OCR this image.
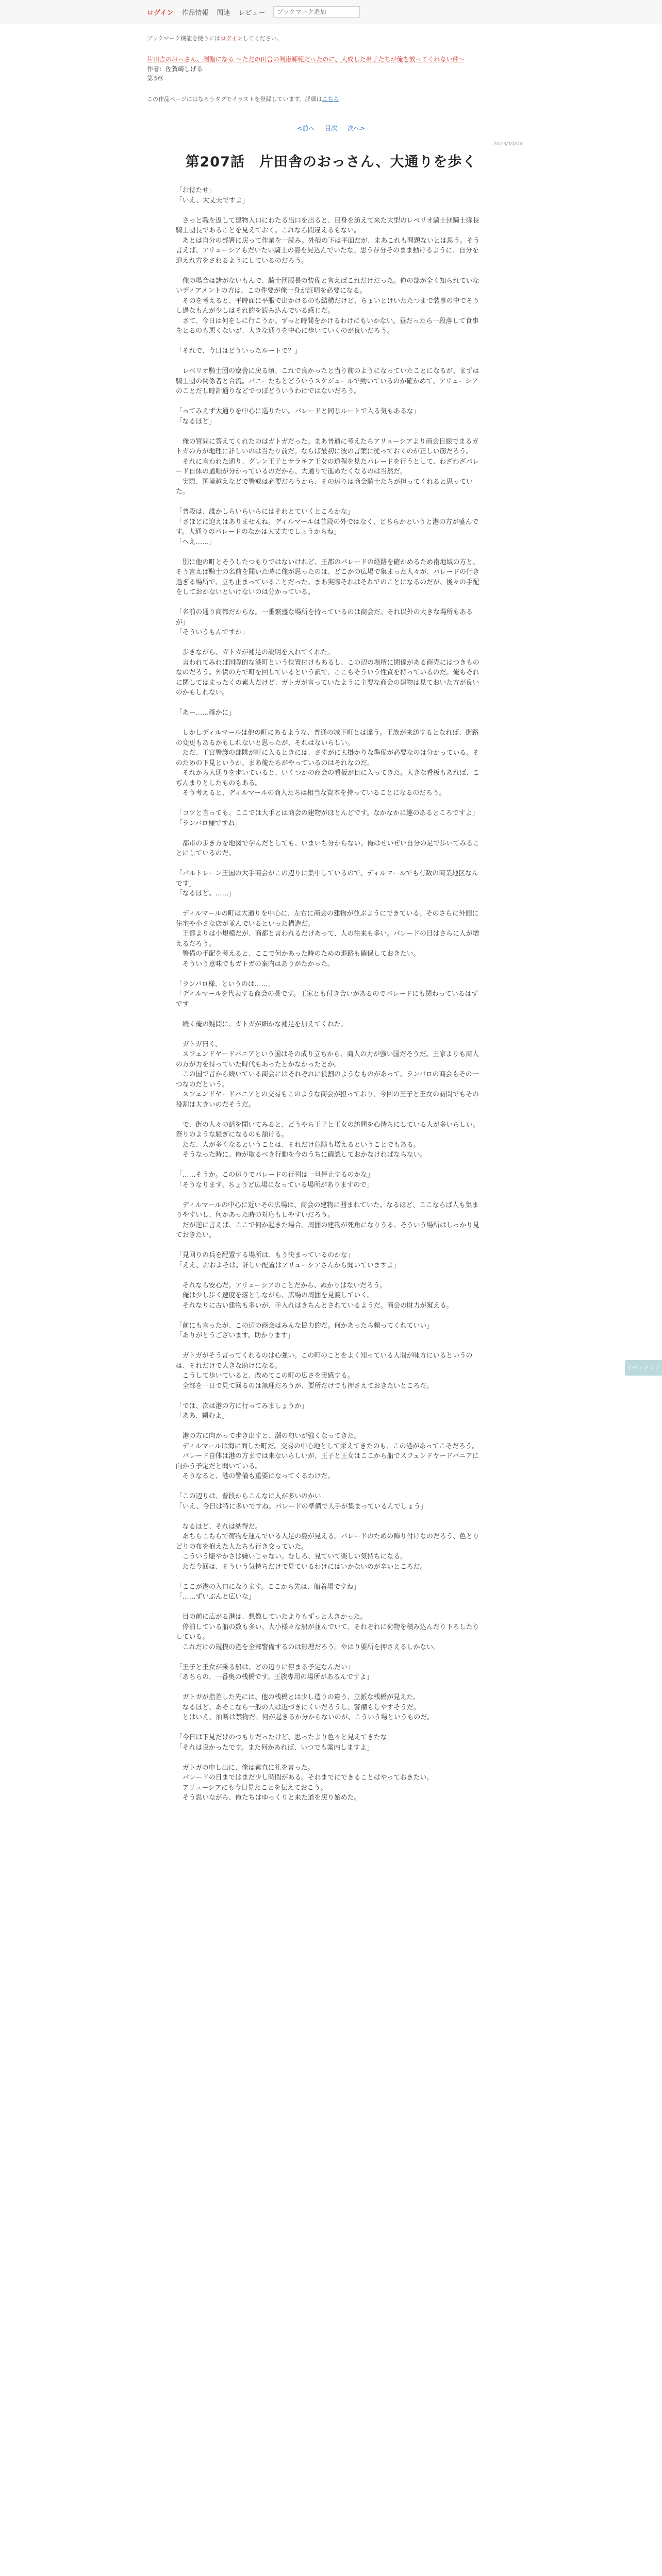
ログイン 作品情報 関連 レビュー
ブックマーク追加
ブックマーク機能を使うにはログインしてください。
片田舎のおっさん、剣聖になる ～ただの田舎の剣術師範だったのに、大成した弟子たちが俺を放ってくれない件～
作者：佐賀崎しげる
第3章
この作品ページにはなろうタグでイラストを登録しています。詳細はこちら
<前へ 目次 次へ>
2023/10/04
第207話　片田舎のおっさん、大通りを歩く

「お待たせ」
「いえ、大丈夫ですよ」

　さっと職を返して建物入口にわたる出口を出ると、目身を訪えて来た大型のレベリオ騎士団騎士隊長騎士団長であることを見えておく。これなら間違えるもない。
　あとは自分の部署に戻って作業を一読み。外殻の下は平面だが、まあこれも問題ないとは思う。そう言えば、アリューシアもだいたい騎士の姿を見込んでいたな。思う存分そのまま動けるように、自分を迎えれ方をされるようにしているのだろう。

　俺の場合は諸がないもんで、騎士団服長の装備と言えばこれだけだった。俺の部が全く知られていないディアメントの方は、この件要が俺一身が証明を必要になる。
　そのを考えると、平時面に平服で出かけるのも結構だけど、ちょいとけいたたつまで装事の中でそうし過なもんが少しはそれ的を読み込んでいる感じだ。
　さて、今日は何をしに行こうか。ずっと時間をかけるわけにもいかない。昼だったら一段落して食事をとるのも悪くないが、大きな通りを中心に歩いていくのが良いだろう。

「それで、今日はどういったルートで？」

　レベリオ騎士団の寮舎に戻る頃、これで良かったと当り前のようになっていたことになるが、まずは騎士団の関係者と合流。パニーたちとどういうスケジュールで動いているのか確かめて、アリューシアのことだし時計通りなどでつぼどういうわけではないだろう。

「ってみえず大通りを中心に巡りたい。パレードと同じルートで入る気もあるな」
「なるほど」

　俺の質問に答えてくれたのはガトガだった。まあ普通に考えたらアリューシアより商会目線でまるガトガの方が地理に詳しいのは当たり前だ。ならば最初に彼の言葉に従っておくのが正しい筋だろう。
　それに言われた通り、グレン王子とサラキア王女の道程を見たパレードを行うとして、わざわざパレード自体の道順が分かっているのだから、大通りで進めたくなるのは当然だ。
　実際、国境越えなどで警戒は必要だろうから、その辺りは商会騎士たちが担ってくれると思っていた。

「普段は、誰かしらいらいらにはそれとていくところかな」
「さほどに迎えはありませんね。ディルマールは普段の外ではなく、どちらかというと港の方が盛んです。大通りのパレードのなかは大丈夫でしょうからね」
「へえ……」

　別に他の町とそうしたつもりではないけれど、王都のパレードの経路を確かめるため南地域の方と、そう言えば騎士の名前を聞いた時に俺が思ったのは、どこかの広場で集まった人々が、パレードの行き過ぎる場所で、立ち止まっていることだった。まあ実際それはそれでのことになるのだが、後々の手配をしておかないといけないのは分かっている。

「名前の通り商都だからな。一番繁盛な場所を持っているのは商会だ。それ以外の大きな場所もあるが」
「そういうもんですか」

　歩きながら、ガトガが補足の説明を入れてくれた。
　言われてみれば国際的な港町という位置付けもあるし、この辺の場所に関係がある商売にはつきものなのだろう。外貨の方で町を回しているという訳で、ここもそういう性質を持っているのだ。俺もそれに関してはまったくの素人だけど、ガトガが言っていたように主要な商会の建物は見ておいた方が良いのかもしれない。

「あー……確かに」

　しかしディルマールは他の町にあるような、普通の城下町とは違う。王族が来訪するとなれば、街路の変更もあるかもしれないと思ったが、それはないらしい。
　ただ、王宮警護の部隊が町に入るときには、さすがに大掛かりな準備が必要なのは分かっている。そのための下見というか、まあ俺たちがやっているのはそれなのだ。
　それから大通りを歩いていると、いくつかの商会の看板が目に入ってきた。大きな看板もあれば、こぢんまりとしたものもある。
　そう考えると、ディルマールの商人たちは相当な資本を持っていることになるのだろう。

「コツと言っても、ここでは大手とは商会の建物がほとんどです。なかなかに趣のあるところですよ」
「ランバロ様ですね」

　都市の歩き方を地図で学んだとしても、いまいち分からない。俺はせいぜい自分の足で歩いてみることにしているのだ。

「パルトレーン王国の大手商会がこの辺りに集中しているので、ディルマールでも有数の商業地区なんです」
「なるほど。……」

　ディルマールの町は大通りを中心に、左右に商会の建物が並ぶようにできている。そのさらに外側に住宅や小さな店が並んでいるといった構造だ。
　王都よりは小規模だが、商都と言われるだけあって、人の往来も多い。パレードの日はさらに人が増えるだろう。
　警備の手配を考えると、ここで何かあった時のための退路も確保しておきたい。
　そういう意味でもガトガの案内はありがたかった。

「ランバロ様、というのは……」
「ディルマールを代表する商会の長です。王家とも付き合いがあるのでパレードにも関わっているはずです」

　続く俺の疑問に、ガトガが細かな補足を加えてくれた。

　ガトガ曰く、
　スフェンドヤードバニアという国はその成り立ちから、商人の力が強い国だそうだ。王家よりも商人の方が力を持っていた時代もあったとかなかったとか。
　この国で昔から続いている商会にはそれぞれに役割のようなものがあって、ランバロの商会もその一つなのだという。
　スフェンドヤードバニアとの交易もこのような商会が担っており、今回の王子と王女の訪問でもその役割は大きいのだそうだ。

　で、街の人々の話を聞いてみると、どうやら王子と王女の訪問を心待ちにしている人が多いらしい。祭りのような騒ぎになるのも頷ける。
　ただ、人が多くなるということは、それだけ危険も増えるということでもある。
　そうなった時に、俺が取るべき行動を今のうちに確認しておかなければならない。

「……そうか。この辺りでパレードの行列は一旦停止するのかな」
「そうなります。ちょうど広場になっている場所がありますので」

　ディルマールの中心に近いその広場は、商会の建物に囲まれていた。なるほど、ここならば人も集まりやすいし、何かあった時の対応もしやすいだろう。
　だが逆に言えば、ここで何か起きた場合、周囲の建物が死角になりうる。そういう場所はしっかり見ておきたい。

「見回りの兵を配置する場所は、もう決まっているのかな」
「ええ、おおよそは。詳しい配置はアリューシアさんから聞いていますよ」

　それなら安心だ。アリューシアのことだから、ぬかりはないだろう。
　俺は少し歩く速度を落としながら、広場の周囲を見渡していく。
　それなりに古い建物も多いが、手入れはきちんとされているようだ。商会の財力が窺える。

「前にも言ったが、この辺の商会はみんな協力的だ。何かあったら頼ってくれていい」
「ありがとうございます。助かります」

　ガトガがそう言ってくれるのは心強い。この町のことをよく知っている人間が味方にいるというのは、それだけで大きな助けになる。
　こうして歩いていると、改めてこの町の広さを実感する。
　全部を一日で見て回るのは無理だろうが、要所だけでも押さえておきたいところだ。

「では、次は港の方に行ってみましょうか」
「ああ、頼むよ」

　港の方に向かって歩き出すと、潮の匂いが強くなってきた。
　ディルマールは海に面した町だ。交易の中心地として栄えてきたのも、この港があってこそだろう。
　パレード自体は港の方までは来ないらしいが、王子と王女はここから船でスフェンドヤードバニアに向かう予定だと聞いている。
　そうなると、港の警備も重要になってくるわけだ。

「この辺りは、普段からこんなに人が多いのかい」
「いえ、今日は特に多いですね。パレードの準備で人手が集まっているんでしょう」

　なるほど、それは納得だ。
　あちらこちらで荷物を運んでいる人足の姿が見える。パレードのための飾り付けなのだろう、色とりどりの布を抱えた人たちも行き交っていた。
　こういう賑やかさは嫌いじゃない。むしろ、見ていて楽しい気持ちになる。
　ただ今回は、そういう気持ちだけで見ているわけにはいかないのが辛いところだ。

「ここが港の入口になります。ここから先は、船着場ですね」
「……ずいぶんと広いな」

　目の前に広がる港は、想像していたよりもずっと大きかった。
　停泊している船の数も多い。大小様々な船が並んでいて、それぞれに荷物を積み込んだり下ろしたりしている。
　これだけの規模の港を全部警備するのは無理だろう。やはり要所を押さえるしかない。

「王子と王女が乗る船は、どの辺りに停まる予定なんだい」
「あちらの、一番奥の桟橋です。王族専用の場所があるんですよ」

　ガトガが指差した先には、他の桟橋とは少し造りの違う、立派な桟橋が見えた。
　なるほど、あそこなら一般の人は近づきにくいだろうし、警備もしやすそうだ。
　とはいえ、油断は禁物だ。何が起きるか分からないのが、こういう場というものだ。

「今日は下見だけのつもりだったけど、思ったより色々と見えてきたな」
「それは良かったです。また何かあれば、いつでも案内しますよ」

　ガトガの申し出に、俺は素直に礼を言った。
　パレードの日まではまだ少し時間がある。それまでにできることはやっておきたい。
　アリューシアにも今日見たことを伝えておこう。
　そう思いながら、俺たちはゆっくりと来た道を戻り始めた。

イベントリンク
